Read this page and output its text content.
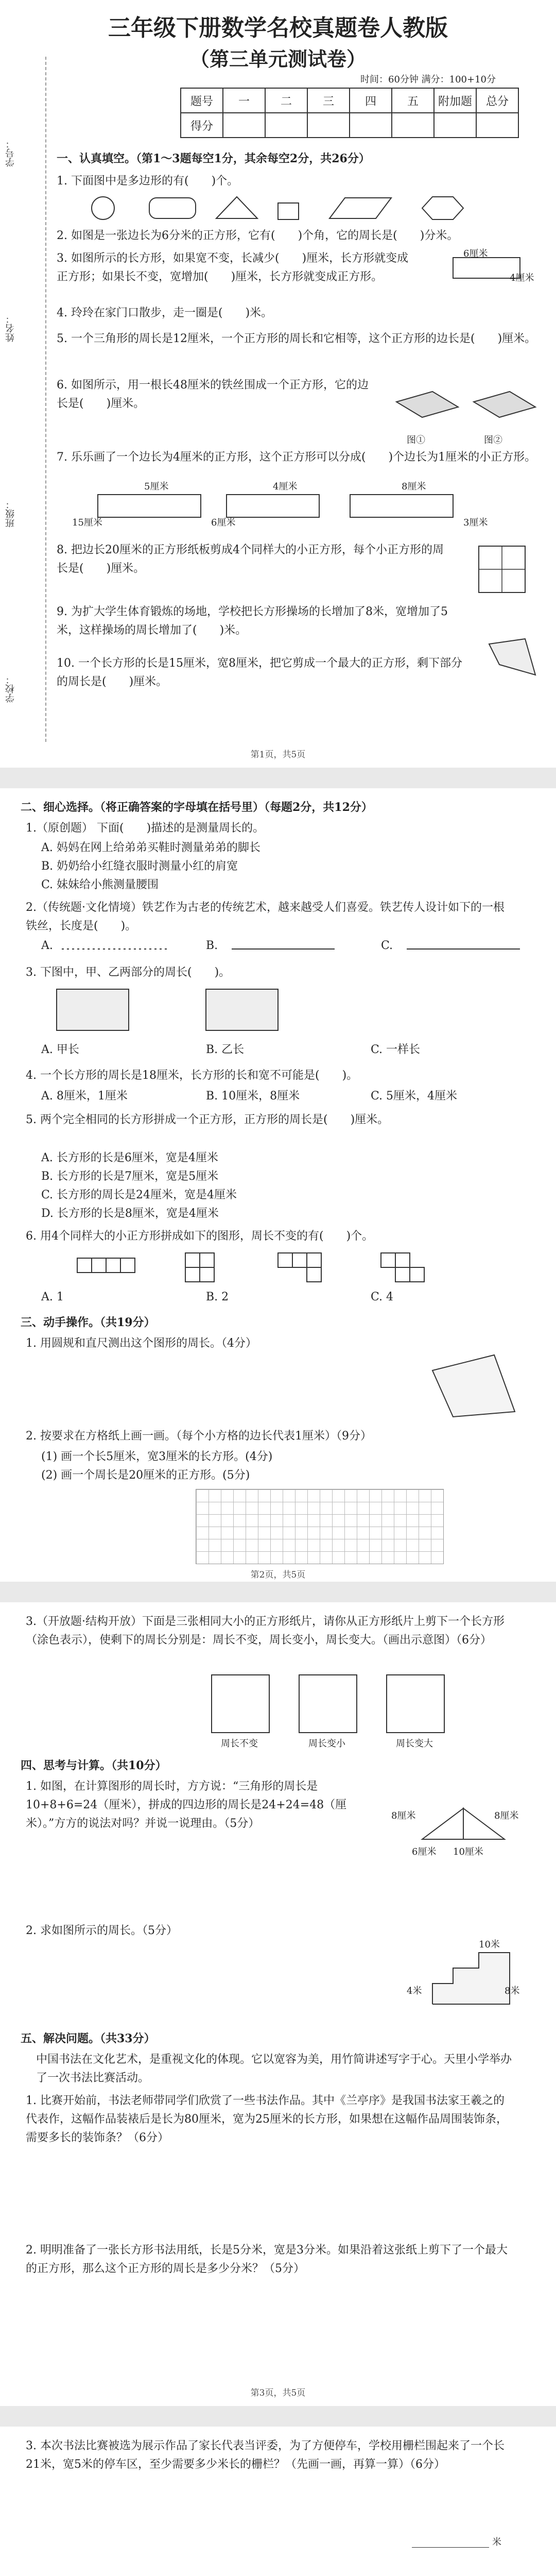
学校：
班级：
姓名：
学号：
三年级下册数学名校真题卷人教版
（第三单元测试卷）
时间：60分钟 满分：100+10分
题号	一	二	三	四	五	附加题	总分
得分							
一、认真填空。（第1～3题每空1分，其余每空2分，共26分）
1. 下面图中是多边形的有(　　)个。
2. 如图是一张边长为6分米的正方形，它有(　　)个角，它的周长是(　　)分米。
3. 如图所示的长方形，如果宽不变，长减少(　　)厘米，长方形就变成正方形；如果长不变，宽增加(　　)厘米，长方形就变成正方形。
6厘米
4厘米
4. 玲玲在家门口散步，走一圈是(　　)米。
5. 一个三角形的周长是12厘米，一个正方形的周长和它相等，这个正方形的边长是(　　)厘米。
6. 如图所示，用一根长48厘米的铁丝围成一个正方形，它的边长是(　　)厘米。
图①	图②
7. 乐乐画了一个边长为4厘米的正方形，这个正方形可以分成(　　)个边长为1厘米的小正方形。
5厘米
15厘米
4厘米
6厘米
8厘米
3厘米
8. 把边长20厘米的正方形纸板剪成4个同样大的小正方形，每个小正方形的周长是(　　)厘米。
9. 为扩大学生体育锻炼的场地，学校把长方形操场的长增加了8米，宽增加了5米，这样操场的周长增加了(　　)米。
10. 一个长方形的长是15厘米，宽8厘米，把它剪成一个最大的正方形，剩下部分的周长是(　　)厘米。
第1页，共5页
二、细心选择。（将正确答案的字母填在括号里）（每题2分，共12分）
1.（原创题） 下面(　　)描述的是测量周长的。
A. 妈妈在网上给弟弟买鞋时测量弟弟的脚长
B. 奶奶给小红缝衣服时测量小红的肩宽
C. 妹妹给小熊测量腰围
2.（传统题·文化情境）铁艺作为古老的传统艺术，越来越受人们喜爱。铁艺传人设计如下的一根铁丝，长度是(　　)。
A.	B.	C.
3. 下图中，甲、乙两部分的周长(　　)。
A. 甲长	B. 乙长	C. 一样长
4. 一个长方形的周长是18厘米，长方形的长和宽不可能是(　　)。
A. 8厘米，1厘米	B. 10厘米，8厘米	C. 5厘米，4厘米
5. 两个完全相同的长方形拼成一个正方形，正方形的周长是(　　)厘米。
A. 长方形的长是6厘米，宽是4厘米
B. 长方形的长是7厘米，宽是5厘米
C. 长方形的周长是24厘米，宽是4厘米
D. 长方形的长是8厘米，宽是4厘米
6. 用4个同样大的小正方形拼成如下的图形，周长不变的有(　　)个。
A. 1	B. 2	C. 4
三、动手操作。（共19分）
1. 用圆规和直尺测出这个图形的周长。（4分）
2. 按要求在方格纸上画一画。（每个小方格的边长代表1厘米）（9分）
(1) 画一个长5厘米，宽3厘米的长方形。(4分)
(2) 画一个周长是20厘米的正方形。(5分)
第2页，共5页
3.（开放题·结构开放）下面是三张相同大小的正方形纸片，请你从正方形纸片上剪下一个长方形（涂色表示），使剩下的周长分别是：周长不变，周长变小，周长变大。（画出示意图）（6分）
周长不变	周长变小	周长变大
四、思考与计算。（共10分）
1. 如图，在计算图形的周长时，方方说：“三角形的周长是10+8+6=24（厘米），拼成的四边形的周长是24+24=48（厘米）。”方方的说法对吗？并说一说理由。（5分）
8厘米	8厘米
10厘米
6厘米
2. 求如图所示的周长。（5分）
10米
4米	8米
五、解决问题。（共33分）
中国书法在文化艺术，是重视文化的体现。它以宽容为美，用竹简讲述写字于心。天里小学举办了一次书法比赛活动。
1. 比赛开始前，书法老师带同学们欣赏了一些书法作品。其中《兰亭序》是我国书法家王羲之的代表作，这幅作品装裱后是长为80厘米，宽为25厘米的长方形，如果想在这幅作品周围装饰条，需要多长的装饰条？（6分）
2. 明明准备了一张长方形书法用纸，长是5分米，宽是3分米。如果沿着这张纸上剪下了一个最大的正方形，那么这个正方形的周长是多少分米？（5分）
第3页，共5页
3. 本次书法比赛被选为展示作品了家长代表当评委，为了方便停车，学校用栅栏围起来了一个长21米，宽5米的停车区，至少需要多少米长的栅栏？（先画一画，再算一算）（6分）
米
